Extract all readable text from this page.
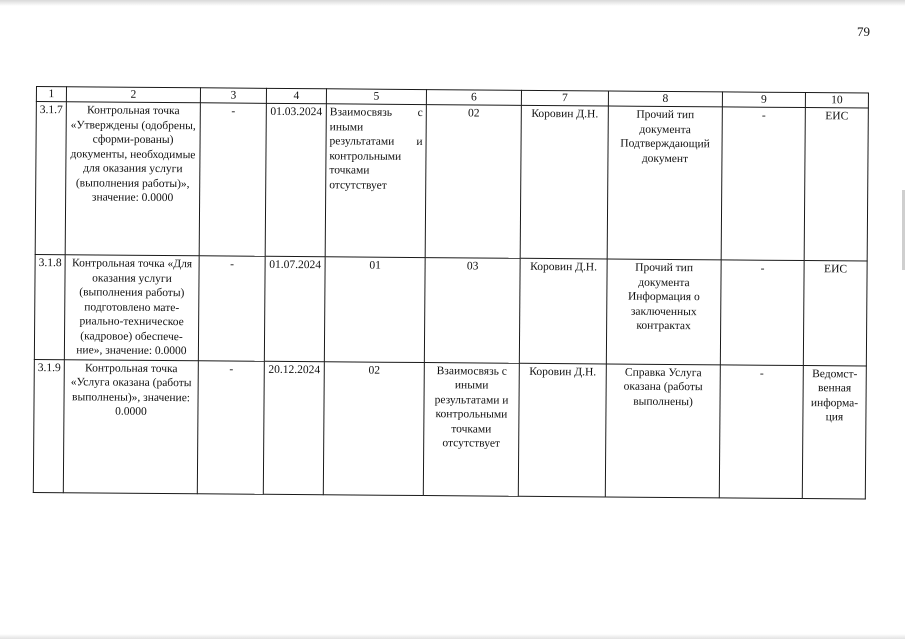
79
1	2	3	4	5	6	7	8	9	10
3.1.7	Контрольная точка «Утверждены (одобрены, сформи-рованы) документы, необходимые для оказания услуги (выполнения работы)», значение: 0.0000	-	01.03.2024	Взаимосвязь с иными результатами и контрольными точками отсутствует	02	Коровин Д.Н.	Прочий тип документа Подтверждающий документ	-	ЕИС
3.1.8	Контрольная точка «Для оказания услуги (выполнения работы) подготовлено мате-риально-техническое (кадровое) обеспече-ние», значение: 0.0000	-	01.07.2024	01	03	Коровин Д.Н.	Прочий тип документа Информация о заключенных контрактах	-	ЕИС
3.1.9	Контрольная точка «Услуга оказана (работы выполнены)», значение: 0.0000	-	20.12.2024	02	Взаимосвязь с иными результатами и контрольными точками отсутствует	Коровин Д.Н.	Справка Услуга оказана (работы выполнены)	-	Ведомст-венная информа-ция
